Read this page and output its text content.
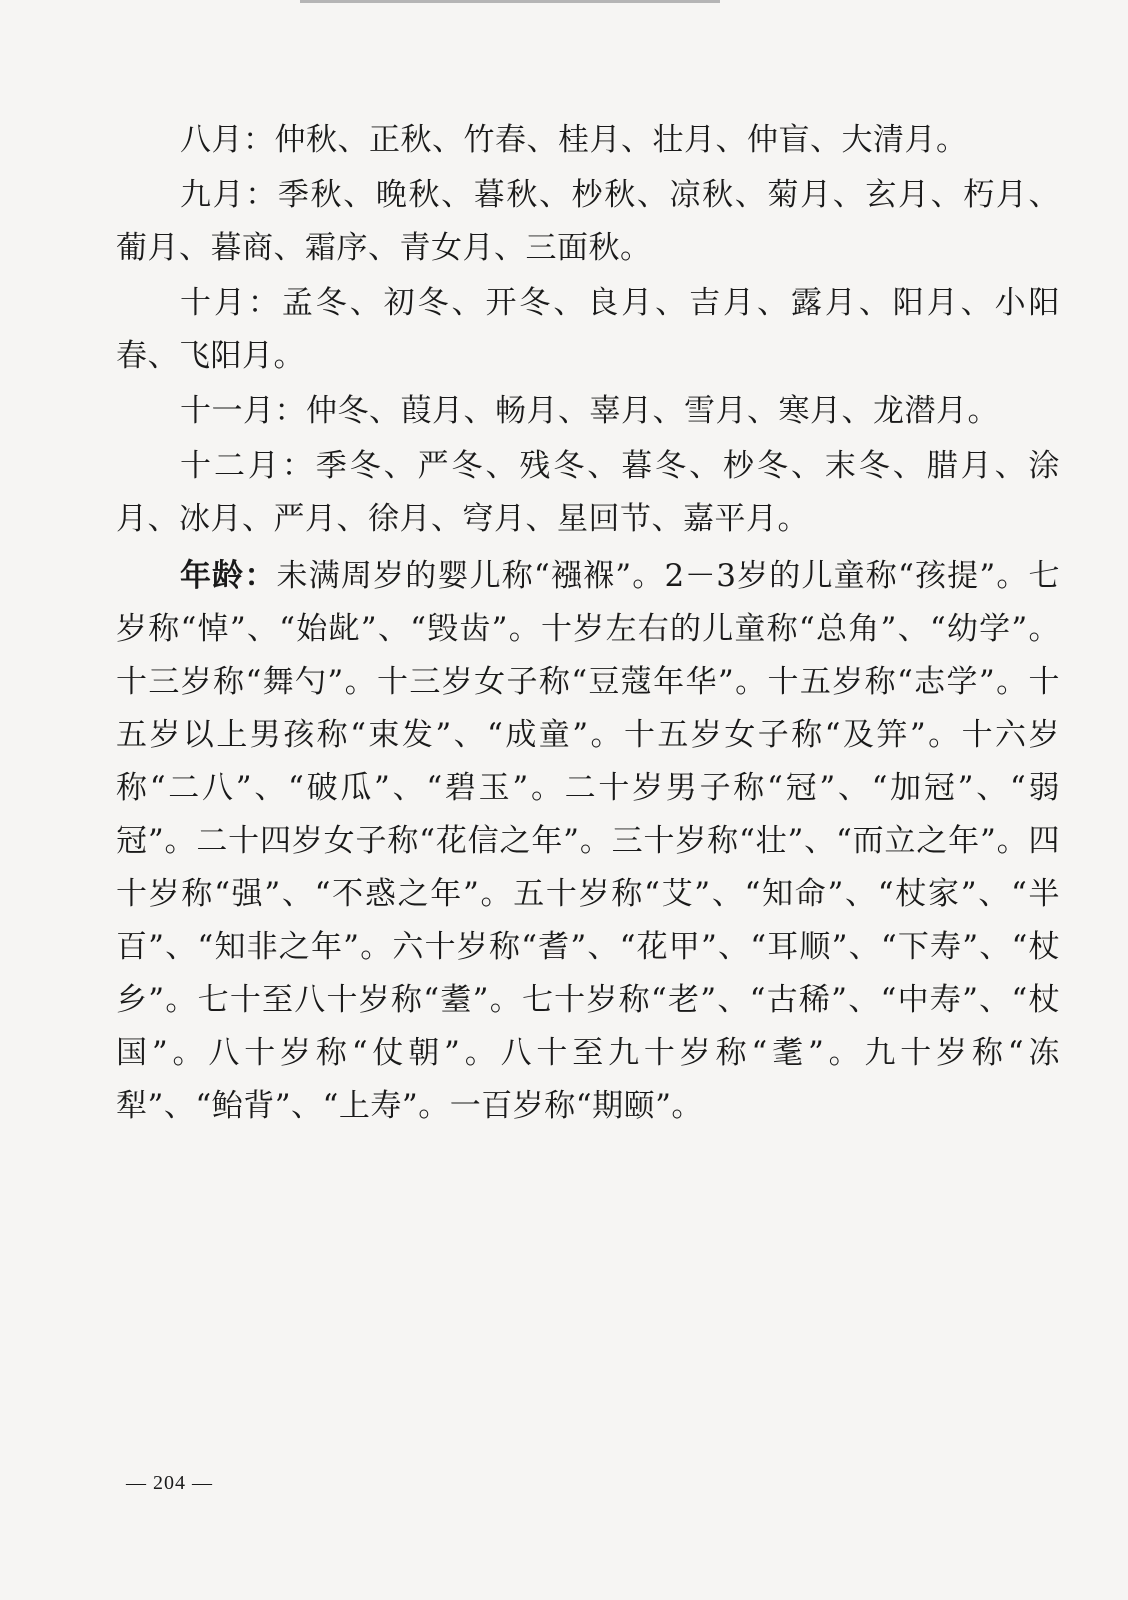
八月：仲秋、正秋、竹春、桂月、壮月、仲盲、大清月。

九月：季秋、晚秋、暮秋、杪秋、凉秋、菊月、玄月、朽月、葡月、暮商、霜序、青女月、三面秋。

十月：孟冬、初冬、开冬、良月、吉月、露月、阳月、小阳春、飞阳月。

十一月：仲冬、葭月、畅月、辜月、雪月、寒月、龙潜月。

十二月：季冬、严冬、残冬、暮冬、杪冬、末冬、腊月、涂月、冰月、严月、徐月、穹月、星回节、嘉平月。

年龄：未满周岁的婴儿称“襁褓”。2－3岁的儿童称“孩提”。七岁称“悼”、“始龀”、“毁齿”。十岁左右的儿童称“总角”、“幼学”。十三岁称“舞勺”。十三岁女子称“豆蔻年华”。十五岁称“志学”。十五岁以上男孩称“束发”、“成童”。十五岁女子称“及笄”。十六岁称“二八”、“破瓜”、“碧玉”。二十岁男子称“冠”、“加冠”、“弱冠”。二十四岁女子称“花信之年”。三十岁称“壮”、“而立之年”。四十岁称“强”、“不惑之年”。五十岁称“艾”、“知命”、“杖家”、“半百”、“知非之年”。六十岁称“耆”、“花甲”、“耳顺”、“下寿”、“杖乡”。七十至八十岁称“耋”。七十岁称“老”、“古稀”、“中寿”、“杖国”。八十岁称“仗朝”。八十至九十岁称“耄”。九十岁称“冻犁”、“鲐背”、“上寿”。一百岁称“期颐”。

— 204 —
